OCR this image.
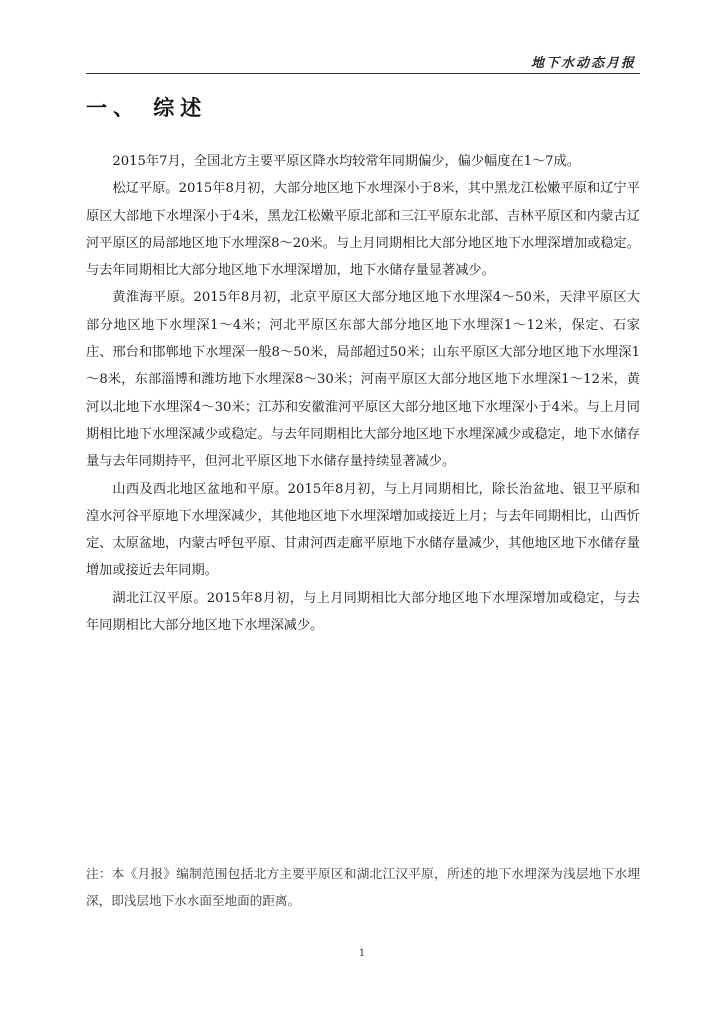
地下水动态月报
一、 综述

2015年7月，全国北方主要平原区降水均较常年同期偏少，偏少幅度在1～7成。

松辽平原。2015年8月初，大部分地区地下水埋深小于8米，其中黑龙江松嫩平原和辽宁平原区大部地下水埋深小于4米，黑龙江松嫩平原北部和三江平原东北部、吉林平原区和内蒙古辽河平原区的局部地区地下水埋深8～20米。与上月同期相比大部分地区地下水埋深增加或稳定。与去年同期相比大部分地区地下水埋深增加，地下水储存量显著减少。

黄淮海平原。2015年8月初，北京平原区大部分地区地下水埋深4～50米，天津平原区大部分地区地下水埋深1～4米；河北平原区东部大部分地区地下水埋深1～12米，保定、石家庄、邢台和邯郸地下水埋深一般8～50米，局部超过50米；山东平原区大部分地区地下水埋深1～8米，东部淄博和潍坊地下水埋深8～30米；河南平原区大部分地区地下水埋深1～12米，黄河以北地下水埋深4～30米；江苏和安徽淮河平原区大部分地区地下水埋深小于4米。与上月同期相比地下水埋深减少或稳定。与去年同期相比大部分地区地下水埋深减少或稳定，地下水储存量与去年同期持平，但河北平原区地下水储存量持续显著减少。

山西及西北地区盆地和平原。2015年8月初，与上月同期相比，除长治盆地、银卫平原和湟水河谷平原地下水埋深减少，其他地区地下水埋深增加或接近上月；与去年同期相比，山西忻定、太原盆地，内蒙古呼包平原、甘肃河西走廊平原地下水储存量减少，其他地区地下水储存量增加或接近去年同期。

湖北江汉平原。2015年8月初，与上月同期相比大部分地区地下水埋深增加或稳定，与去年同期相比大部分地区地下水埋深减少。

注：本《月报》编制范围包括北方主要平原区和湖北江汉平原，所述的地下水埋深为浅层地下水埋深，即浅层地下水水面至地面的距离。
1
